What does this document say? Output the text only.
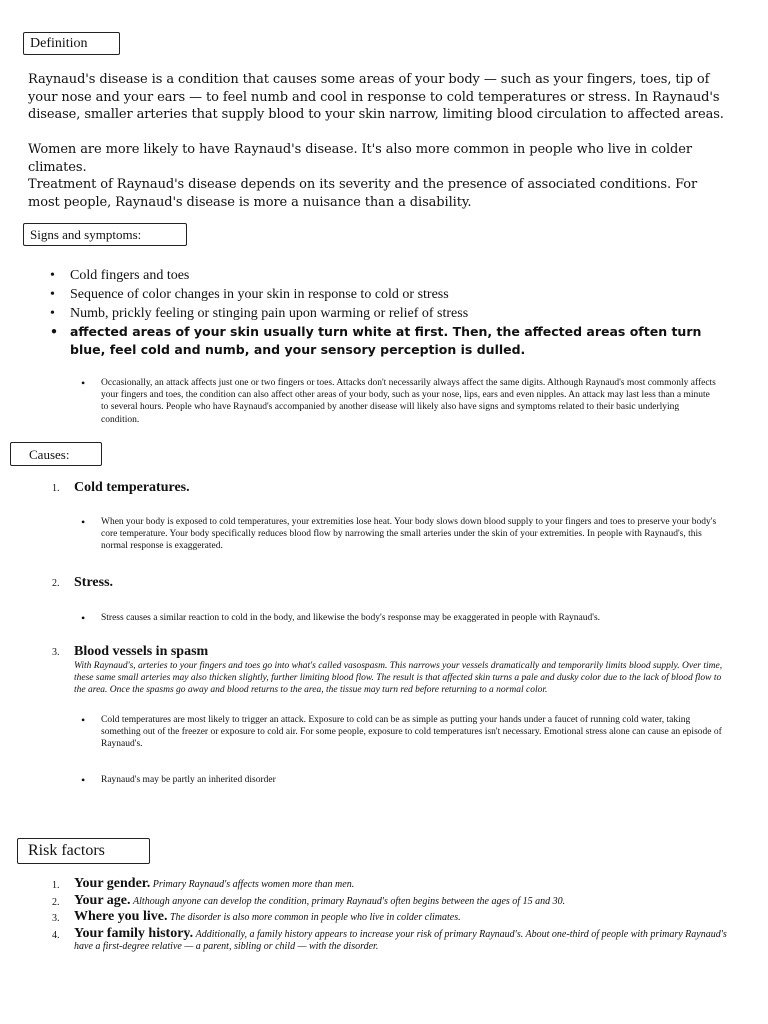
Definition

Raynaud's disease is a condition that causes some areas of your body — such as your fingers, toes, tip of your nose and your ears — to feel numb and cool in response to cold temperatures or stress. In Raynaud's disease, smaller arteries that supply blood to your skin narrow, limiting blood circulation to affected areas.

Women are more likely to have Raynaud's disease. It's also more common in people who live in colder climates.

Treatment of Raynaud's disease depends on its severity and the presence of associated conditions. For most people, Raynaud's disease is more a nuisance than a disability.

Signs and symptoms:
• Cold fingers and toes
• Sequence of color changes in your skin in response to cold or stress
• Numb, prickly feeling or stinging pain upon warming or relief of stress
• affected areas of your skin usually turn white at first. Then, the affected areas often turn blue, feel cold and numb, and your sensory perception is dulled.
• Occasionally, an attack affects just one or two fingers or toes. Attacks don't necessarily always affect the same digits. Although Raynaud's most commonly affects your fingers and toes, the condition can also affect other areas of your body, such as your nose, lips, ears and even nipples. An attack may last less than a minute to several hours. People who have Raynaud's accompanied by another disease will likely also have signs and symptoms related to their basic underlying condition.
Causes:
1. Cold temperatures.
• When your body is exposed to cold temperatures, your extremities lose heat. Your body slows down blood supply to your fingers and toes to preserve your body's core temperature. Your body specifically reduces blood flow by narrowing the small arteries under the skin of your extremities. In people with Raynaud's, this normal response is exaggerated.
2. Stress.
• Stress causes a similar reaction to cold in the body, and likewise the body's response may be exaggerated in people with Raynaud's.
3. Blood vessels in spasm

With Raynaud's, arteries to your fingers and toes go into what's called vasospasm. This narrows your vessels dramatically and temporarily limits blood supply. Over time, these same small arteries may also thicken slightly, further limiting blood flow. The result is that affected skin turns a pale and dusky color due to the lack of blood flow to the area. Once the spasms go away and blood returns to the area, the tissue may turn red before returning to a normal color.

• Cold temperatures are most likely to trigger an attack. Exposure to cold can be as simple as putting your hands under a faucet of running cold water, taking something out of the freezer or exposure to cold air. For some people, exposure to cold temperatures isn't necessary. Emotional stress alone can cause an episode of Raynaud's.
• Raynaud's may be partly an inherited disorder
Risk factors
1. Your gender. Primary Raynaud's affects women more than men.
2. Your age. Although anyone can develop the condition, primary Raynaud's often begins between the ages of 15 and 30.
3. Where you live. The disorder is also more common in people who live in colder climates.
4. Your family history. Additionally, a family history appears to increase your risk of primary Raynaud's. About one-third of people with primary Raynaud's have a first-degree relative — a parent, sibling or child — with the disorder.
